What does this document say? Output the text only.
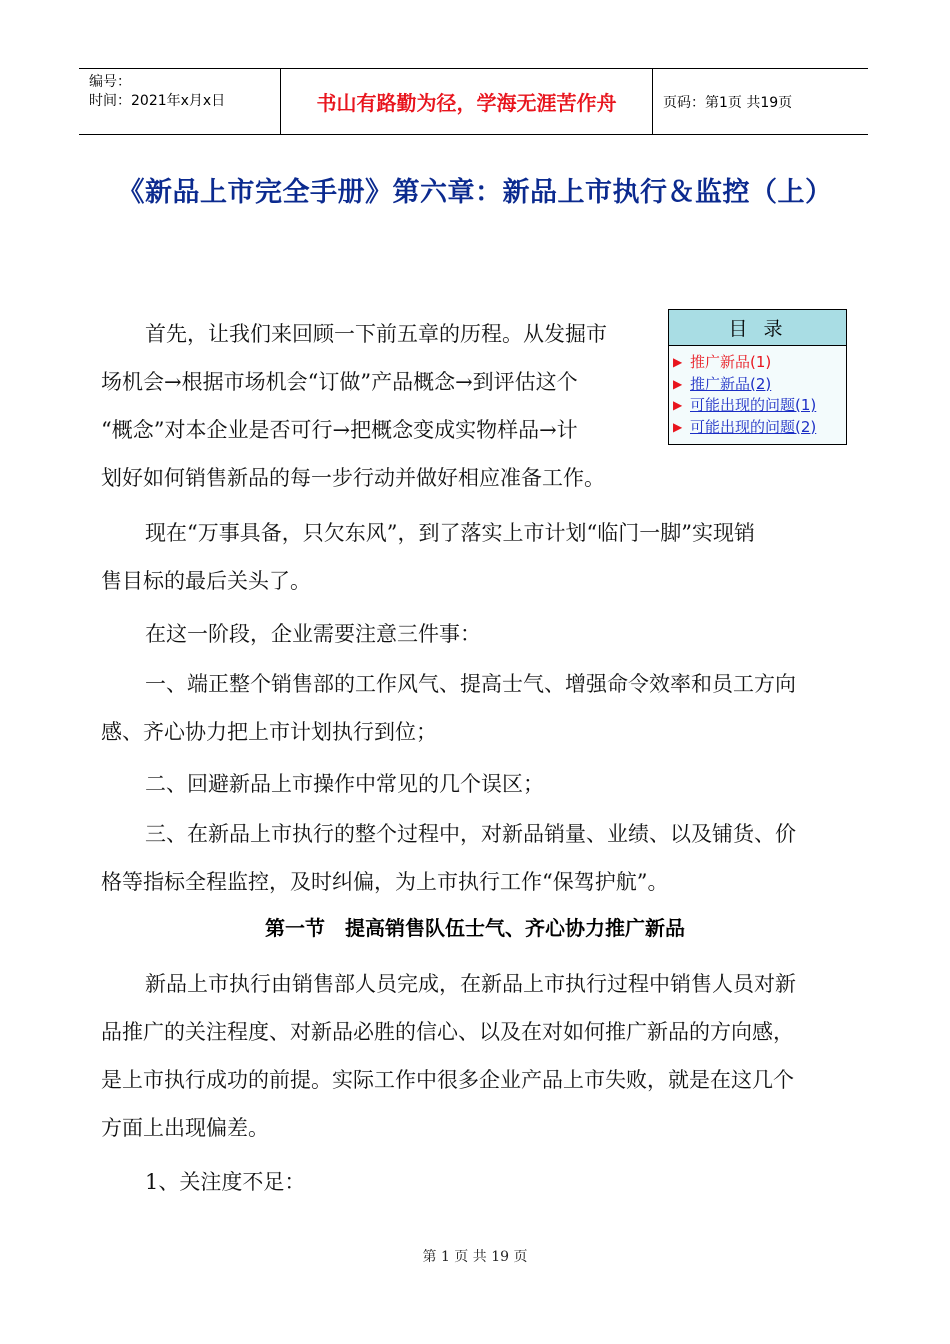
编号：
时间：2021年x月x日	书山有路勤为径，学海无涯苦作舟	页码：第1页 共19页
《新品上市完全手册》第六章：新品上市执行＆监控（上）
目录
▶ 推广新品(1)
▶ 推广新品(2)
▶ 可能出现的问题(1)
▶ 可能出现的问题(2)
首先，让我们来回顾一下前五章的历程。从发掘市
场机会→根据市场机会“订做”产品概念→到评估这个
“概念”对本企业是否可行→把概念变成实物样品→计
划好如何销售新品的每一步行动并做好相应准备工作。
现在“万事具备，只欠东风”，到了落实上市计划“临门一脚”实现销
售目标的最后关头了。
在这一阶段，企业需要注意三件事：
一、端正整个销售部的工作风气、提高士气、增强命令效率和员工方向
感、齐心协力把上市计划执行到位；
二、回避新品上市操作中常见的几个误区；
三、在新品上市执行的整个过程中，对新品销量、业绩、以及铺货、价
格等指标全程监控，及时纠偏，为上市执行工作“保驾护航”。
第一节　提高销售队伍士气、齐心协力推广新品
新品上市执行由销售部人员完成，在新品上市执行过程中销售人员对新
品推广的关注程度、对新品必胜的信心、以及在对如何推广新品的方向感，
是上市执行成功的前提。实际工作中很多企业产品上市失败，就是在这几个
方面上出现偏差。
1、关注度不足：
第 1 页 共 19 页
